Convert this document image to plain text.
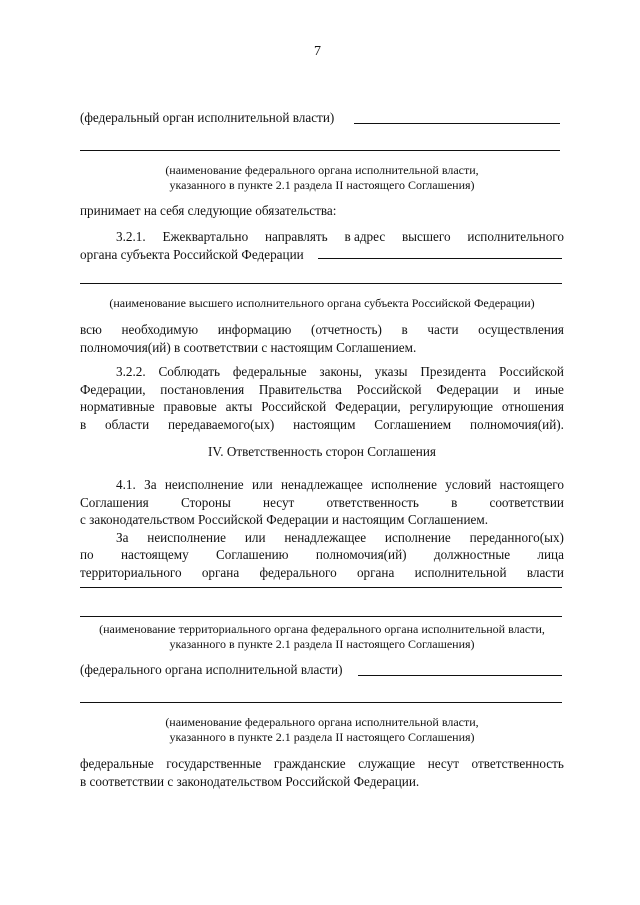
7
(федеральный орган исполнительной власти)
(наименование федерального органа исполнительной власти,
указанного в пункте 2.1 раздела II настоящего Соглашения)
принимает на себя следующие обязательства:
3.2.1. Ежеквартально направлять в адрес высшего исполнительного
органа субъекта Российской Федерации
(наименование высшего исполнительного органа субъекта Российской Федерации)
всю необходимую информацию (отчетность) в части осуществления
полномочия(ий) в соответствии с настоящим Соглашением.
3.2.2. Соблюдать федеральные законы, указы Президента Российской
Федерации, постановления Правительства Российской Федерации и иные
нормативные правовые акты Российской Федерации, регулирующие отношения
в области передаваемого(ых) настоящим Соглашением полномочия(ий).
IV. Ответственность сторон Соглашения
4.1. За неисполнение или ненадлежащее исполнение условий настоящего
Соглашения Стороны несут ответственность в соответствии
с законодательством Российской Федерации и настоящим Соглашением.
За неисполнение или ненадлежащее исполнение переданного(ых)
по настоящему Соглашению полномочия(ий) должностные лица
территориального органа федерального органа исполнительной власти
(наименование территориального органа федерального органа исполнительной власти,
указанного в пункте 2.1 раздела II настоящего Соглашения)
(федерального органа исполнительной власти)
(наименование федерального органа исполнительной власти,
указанного в пункте 2.1 раздела II настоящего Соглашения)
федеральные государственные гражданские служащие несут ответственность
в соответствии с законодательством Российской Федерации.
